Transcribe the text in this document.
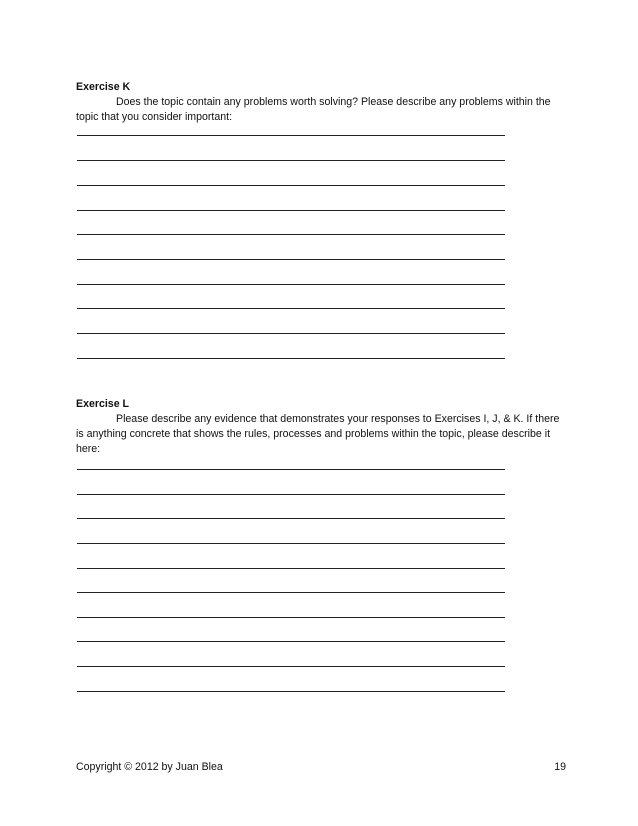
Exercise K
Does the topic contain any problems worth solving? Please describe any problems within the topic that you consider important:
Exercise L
Please describe any evidence that demonstrates your responses to Exercises I, J, & K. If there is anything concrete that shows the rules, processes and problems within the topic, please describe it here:
Copyright © 2012 by Juan Blea	19
